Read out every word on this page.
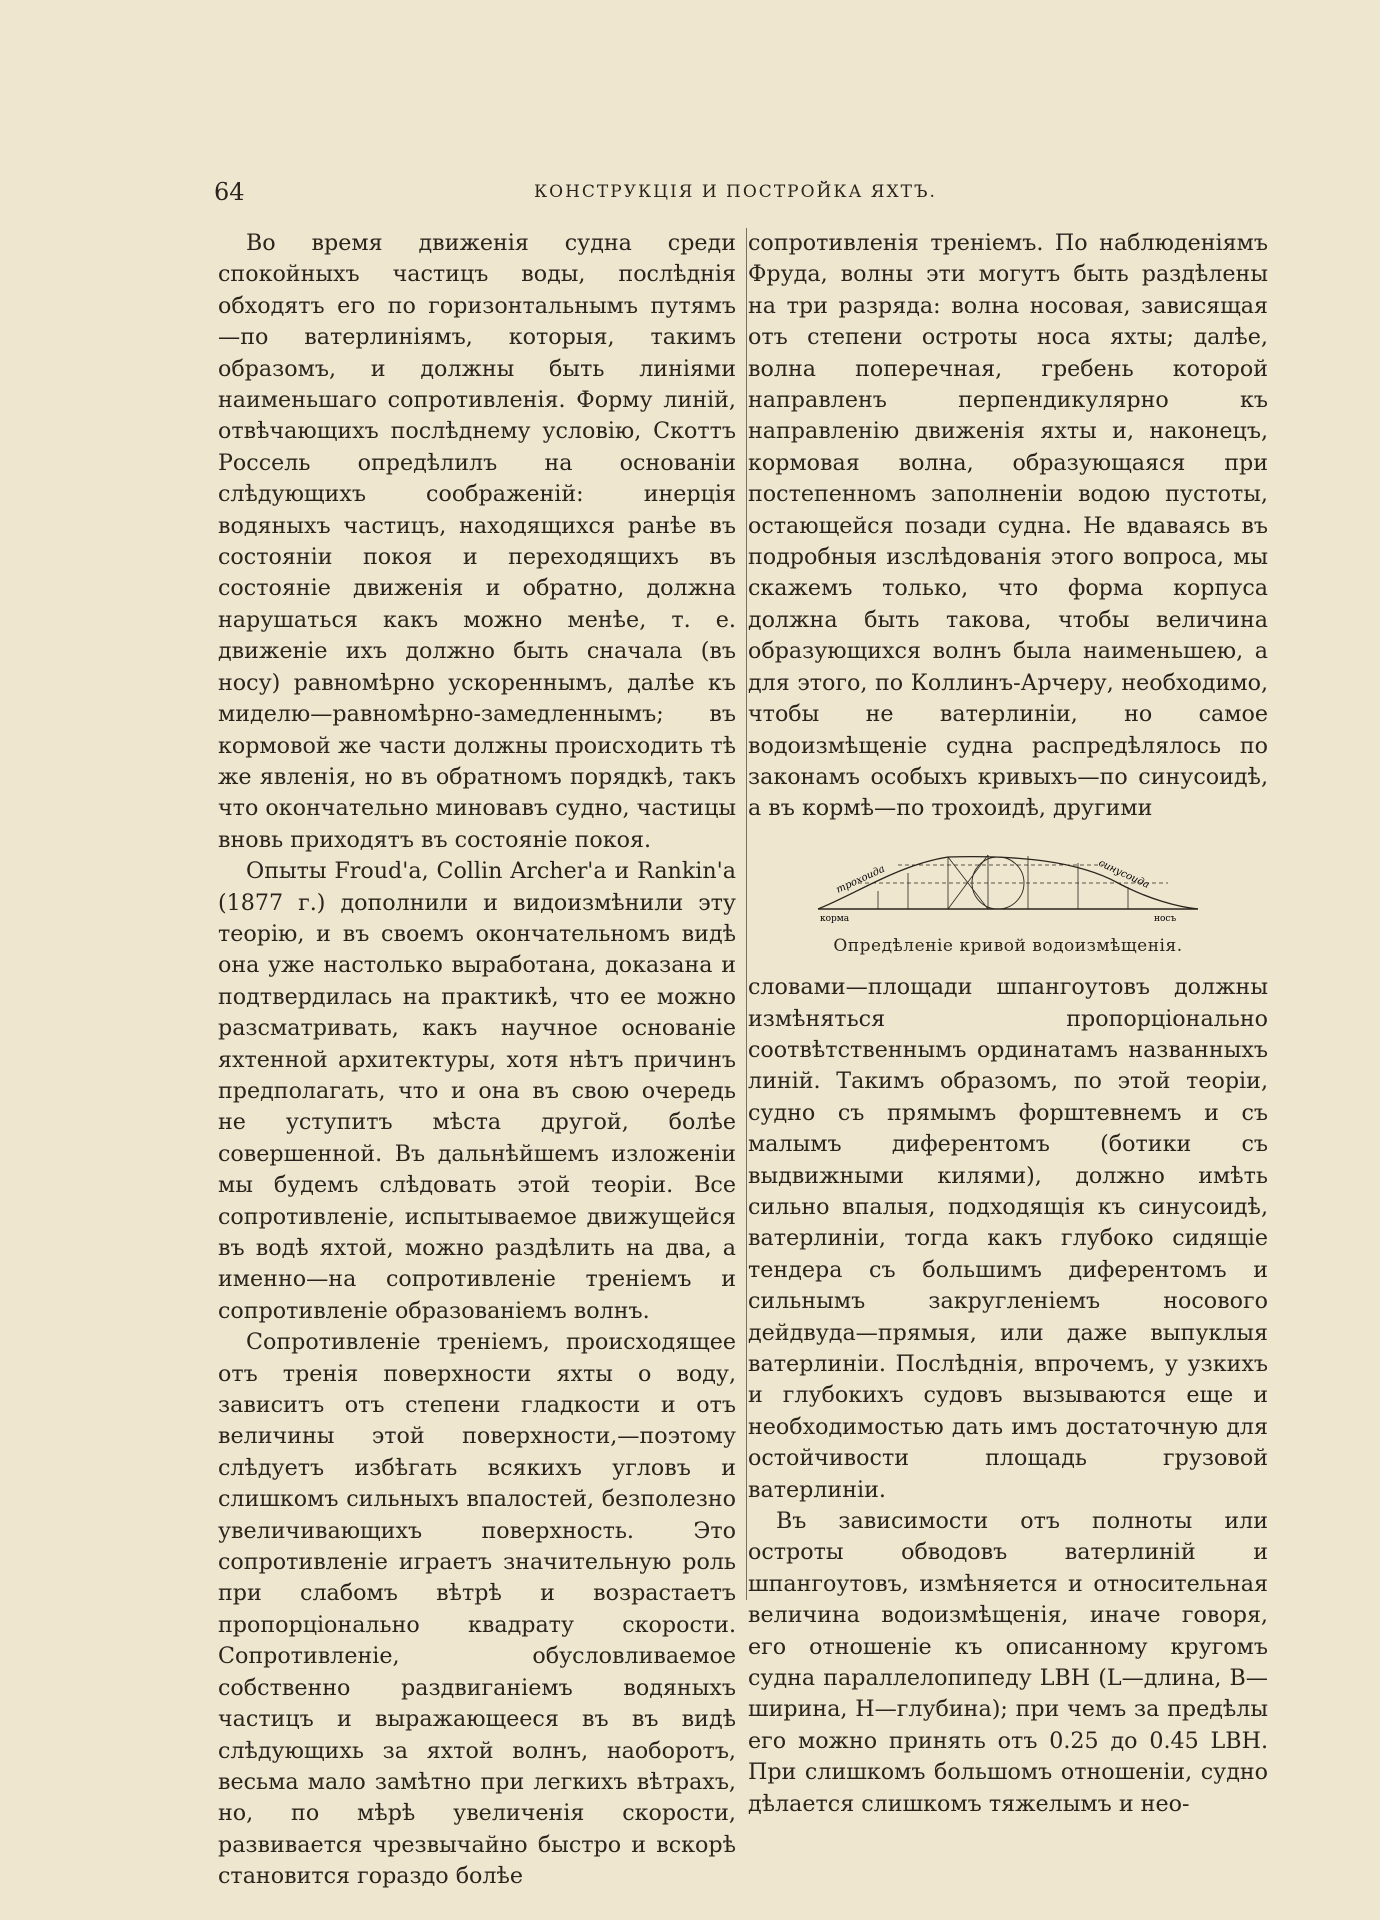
64	КОНСТРУКЦІЯ И ПОСТРОЙКА ЯХТЪ.

Во время движенія судна среди спокойныхъ частицъ воды, послѣднія обходятъ его по горизонтальнымъ путямъ—по ватерлиніямъ, которыя, такимъ образомъ, и должны быть линіями наименьшаго сопротивленія. Форму линій, отвѣчающихъ послѣднему условію, Скоттъ Россель опредѣлилъ на основаніи слѣдующихъ соображеній: инерція водяныхъ частицъ, находящихся ранѣе въ состояніи покоя и переходящихъ въ состояніе движенія и обратно, должна нарушаться какъ можно менѣе, т. е. движеніе ихъ должно быть сначала (въ носу) равномѣрно ускореннымъ, далѣе къ миделю—равномѣрно-замедленнымъ; въ кормовой же части должны происходить тѣ же явленія, но въ обратномъ порядкѣ, такъ что окончательно миновавъ судно, частицы вновь приходятъ въ состояніе покоя.

Опыты Froud'а, Collin Archer'а и Rankin'а (1877 г.) дополнили и видоизмѣнили эту теорію, и въ своемъ окончательномъ видѣ она уже настолько выработана, доказана и подтвердилась на практикѣ, что ее можно разсматривать, какъ научное основаніе яхтенной архитектуры, хотя нѣтъ причинъ предполагать, что и она въ свою очередь не уступитъ мѣста другой, болѣе совершенной. Въ дальнѣйшемъ изложеніи мы будемъ слѣдовать этой теоріи. Все сопротивленіе, испытываемое движущейся въ водѣ яхтой, можно раздѣлить на два, а именно—на сопротивленіе треніемъ и сопротивленіе образованіемъ волнъ.

Сопротивленіе треніемъ, происходящее отъ тренія поверхности яхты о воду, зависитъ отъ степени гладкости и отъ величины этой поверхности,—поэтому слѣдуетъ избѣгать всякихъ угловъ и слишкомъ сильныхъ впалостей, безполезно увеличивающихъ поверхность. Это сопротивленіе играетъ значительную роль при слабомъ вѣтрѣ и возрастаетъ пропорціонально квадрату скорости. Сопротивленіе, обусловливаемое собственно раздвиганіемъ водяныхъ частицъ и выражающееся въ въ видѣ слѣдующихь за яхтой волнъ, наоборотъ, весьма мало замѣтно при легкихъ вѣтрахъ, но, по мѣрѣ увеличенія скорости, развивается чрезвычайно быстро и вскорѣ становится гораздо болѣе

сопротивленія треніемъ. По наблюденіямъ Фруда, волны эти могутъ быть раздѣлены на три разряда: волна носовая, зависящая отъ степени остроты носа яхты; далѣе, волна поперечная, гребень которой направленъ перпендикулярно къ направленію движенія яхты и, наконецъ, кормовая волна, образующаяся при постепенномъ заполненіи водою пустоты, остающейся позади судна. Не вдаваясь въ подробныя изслѣдованія этого вопроса, мы скажемъ только, что форма корпуса должна быть такова, чтобы величина образующихся волнъ была наименьшею, а для этого, по Коллинъ-Арчеру, необходимо, чтобы не ватерлиніи, но самое водоизмѣщеніе судна распредѣлялось по законамъ особыхъ кривыхъ—по синусоидѣ, а въ кормѣ—по трохоидѣ, другими

трохоида	синусоида
корма	носъ
Опредѣленіе кривой водоизмѣщенія.

словами—площади шпангоутовъ должны измѣняться пропорціонально соотвѣтственнымъ ординатамъ названныхъ линій. Такимъ образомъ, по этой теоріи, судно съ прямымъ форштевнемъ и съ малымъ диферентомъ (ботики съ выдвижными килями), должно имѣть сильно впалыя, подходящія къ синусоидѣ, ватерлиніи, тогда какъ глубоко сидящіе тендера съ большимъ диферентомъ и сильнымъ закругленіемъ носового дейдвуда—прямыя, или даже выпуклыя ватерлиніи. Послѣднія, впрочемъ, у узкихъ и глубокихъ судовъ вызываются еще и необходимостью дать имъ достаточную для остойчивости площадь грузовой ватерлиніи.

Въ зависимости отъ полноты или остроты обводовъ ватерлиній и шпангоутовъ, измѣняется и относительная величина водоизмѣщенія, иначе говоря, его отношеніе къ описанному кругомъ судна параллелопипеду LBH (L—длина, B—ширина, H—глубина); при чемъ за предѣлы его можно принять отъ 0.25 до 0.45 LBH. При слишкомъ большомъ отношеніи, судно дѣлается слишкомъ тяжелымъ и нео-
